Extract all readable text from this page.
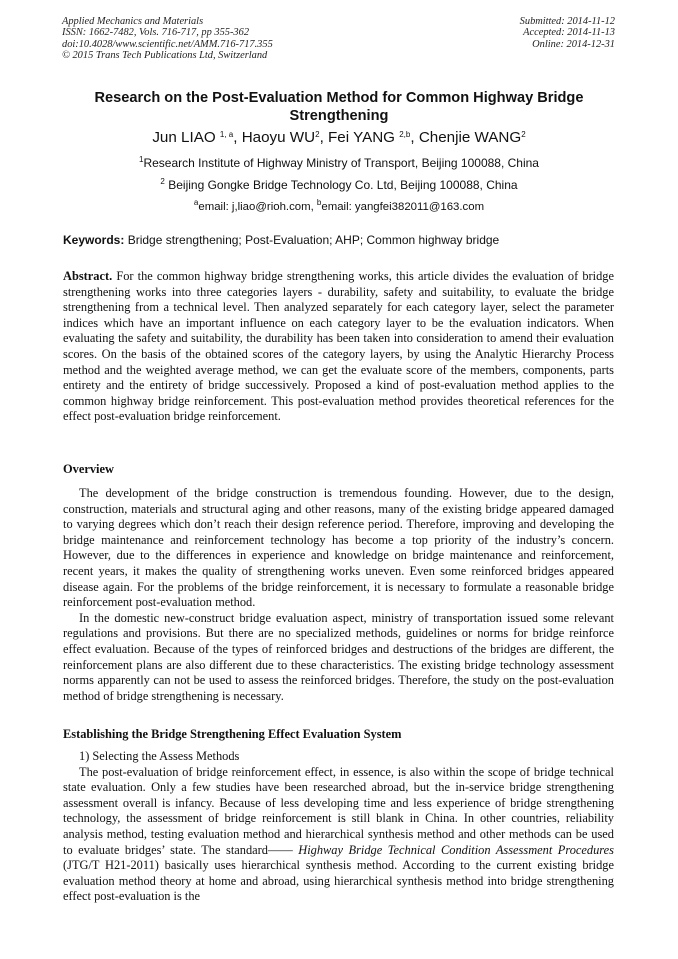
Applied Mechanics and Materials
ISSN: 1662-7482, Vols. 716-717, pp 355-362
doi:10.4028/www.scientific.net/AMM.716-717.355
© 2015 Trans Tech Publications Ltd, Switzerland
Submitted: 2014-11-12
Accepted: 2014-11-13
Online: 2014-12-31
Research on the Post-Evaluation Method for Common Highway Bridge Strengthening
Jun LIAO $^{1, a}$, Haoyu $WU^2$, Fei YANG $^{2,b}$, Chenjie WANG$^2$
$^1$Research Institute of Highway Ministry of Transport, Beijing 100088, China
$^2$ Beijing Gongke Bridge Technology Co. Ltd, Beijing 100088, China
$^a$email: j,liao@rioh.com, $^b$email: yangfei382011@163.com
Keywords: Bridge strengthening; Post-Evaluation; AHP; Common highway bridge

Abstract. For the common highway bridge strengthening works, this article divides the evaluation of bridge strengthening works into three categories layers - durability, safety and suitability, to evaluate the bridge strengthening from a technical level. Then analyzed separately for each category layer, select the parameter indices which have an important influence on each category layer to be the evaluation indicators. When evaluating the safety and suitability, the durability has been taken into consideration to amend their evaluation scores. On the basis of the obtained scores of the category layers, by using the Analytic Hierarchy Process method and the weighted average method, we can get the evaluate score of the members, components, parts entirety and the entirety of bridge successively. Proposed a kind of post-evaluation method applies to the common highway bridge reinforcement. This post-evaluation method provides theoretical references for the effect post-evaluation bridge reinforcement.

Overview

The development of the bridge construction is tremendous founding. However, due to the design, construction, materials and structural aging and other reasons, many of the existing bridge appeared damaged to varying degrees which don’t reach their design reference period. Therefore, improving and developing the bridge maintenance and reinforcement technology has become a top priority of the industry’s concern. However, due to the differences in experience and knowledge on bridge maintenance and reinforcement, recent years, it makes the quality of strengthening works uneven. Even some reinforced bridges appeared disease again. For the problems of the bridge reinforcement, it is necessary to formulate a reasonable bridge reinforcement post-evaluation method.

In the domestic new-construct bridge evaluation aspect, ministry of transportation issued some relevant regulations and provisions. But there are no specialized methods, guidelines or norms for bridge reinforce effect evaluation. Because of the types of reinforced bridges and destructions of the bridges are different, the reinforcement plans are also different due to these characteristics. The existing bridge technology assessment norms apparently can not be used to assess the reinforced bridges. Therefore, the study on the post-evaluation method of bridge strengthening is necessary.

Establishing the Bridge Strengthening Effect Evaluation System

1) Selecting the Assess Methods

The post-evaluation of bridge reinforcement effect, in essence, is also within the scope of bridge technical state evaluation. Only a few studies have been researched abroad, but the in-service bridge strengthening assessment overall is infancy. Because of less developing time and less experience of bridge strengthening technology, the assessment of bridge reinforcement is still blank in China. In other countries, reliability analysis method, testing evaluation method and hierarchical synthesis method and other methods can be used to evaluate bridges’ state. The standard—— Highway Bridge Technical Condition Assessment Procedures (JTG/T H21-2011) basically uses hierarchical synthesis method. According to the current existing bridge evaluation method theory at home and abroad, using hierarchical synthesis method into bridge strengthening effect post-evaluation is the
